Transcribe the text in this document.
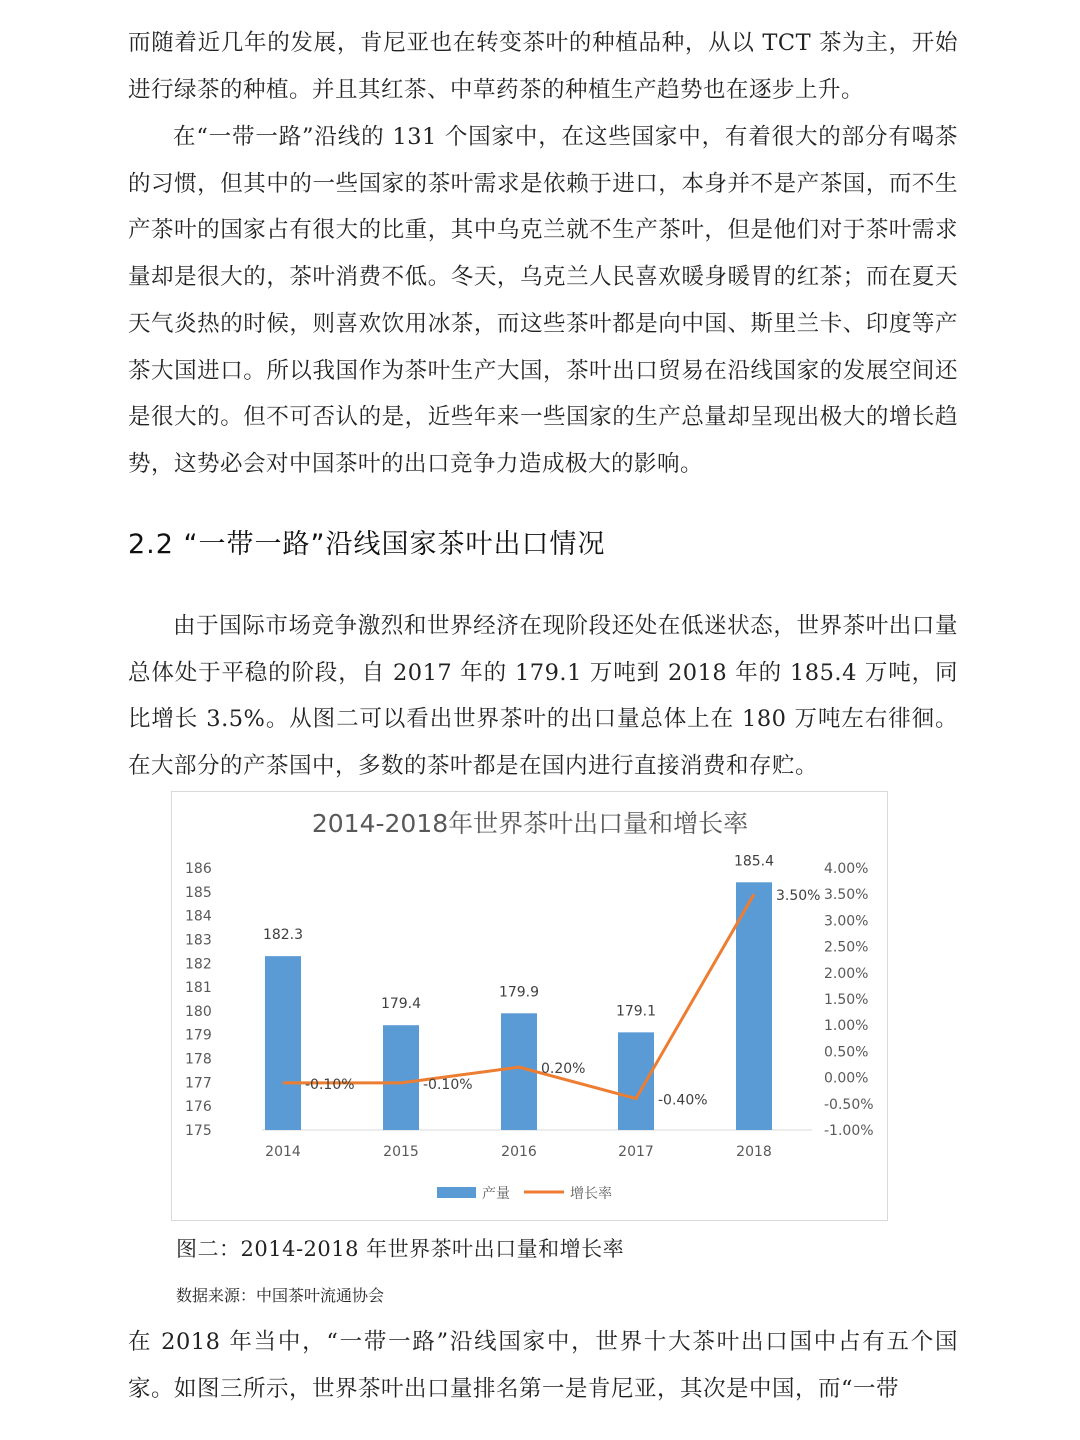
而随着近几年的发展，肯尼亚也在转变茶叶的种植品种，从以 TCT 茶为主，开始进行绿茶的种植。并且其红茶、中草药茶的种植生产趋势也在逐步上升。

在“一带一路”沿线的 131 个国家中，在这些国家中，有着很大的部分有喝茶的习惯，但其中的一些国家的茶叶需求是依赖于进口，本身并不是产茶国，而不生产茶叶的国家占有很大的比重，其中乌克兰就不生产茶叶，但是他们对于茶叶需求量却是很大的，茶叶消费不低。冬天，乌克兰人民喜欢暖身暖胃的红茶；而在夏天天气炎热的时候，则喜欢饮用冰茶，而这些茶叶都是向中国、斯里兰卡、印度等产茶大国进口。所以我国作为茶叶生产大国，茶叶出口贸易在沿线国家的发展空间还是很大的。但不可否认的是，近些年来一些国家的生产总量却呈现出极大的增长趋势，这势必会对中国茶叶的出口竞争力造成极大的影响。

2.2 “一带一路”沿线国家茶叶出口情况

由于国际市场竞争激烈和世界经济在现阶段还处在低迷状态，世界茶叶出口量总体处于平稳的阶段，自 2017 年的 179.1 万吨到 2018 年的 185.4 万吨，同比增长 3.5%。从图二可以看出世界茶叶的出口量总体上在 180 万吨左右徘徊。在大部分的产茶国中，多数的茶叶都是在国内进行直接消费和存贮。

2014-2018年世界茶叶出口量和增长率
182.3
179.4
179.9
179.1
185.4
-0.10%	-0.10%
0.20%
-0.40%
3.50%
175
176
177
178
179
180
181
182
183
184
185
186
-1.00%
-0.50%
0.00%
0.50%
1.00%
1.50%
2.00%
2.50%
3.00%
3.50%
4.00%
2014	2015	2016	2017	2018
产量	增长率

图二：2014-2018 年世界茶叶出口量和增长率

数据来源：中国茶叶流通协会

在 2018 年当中，“一带一路”沿线国家中，世界十大茶叶出口国中占有五个国家。如图三所示，世界茶叶出口量排名第一是肯尼亚，其次是中国，而“一带
